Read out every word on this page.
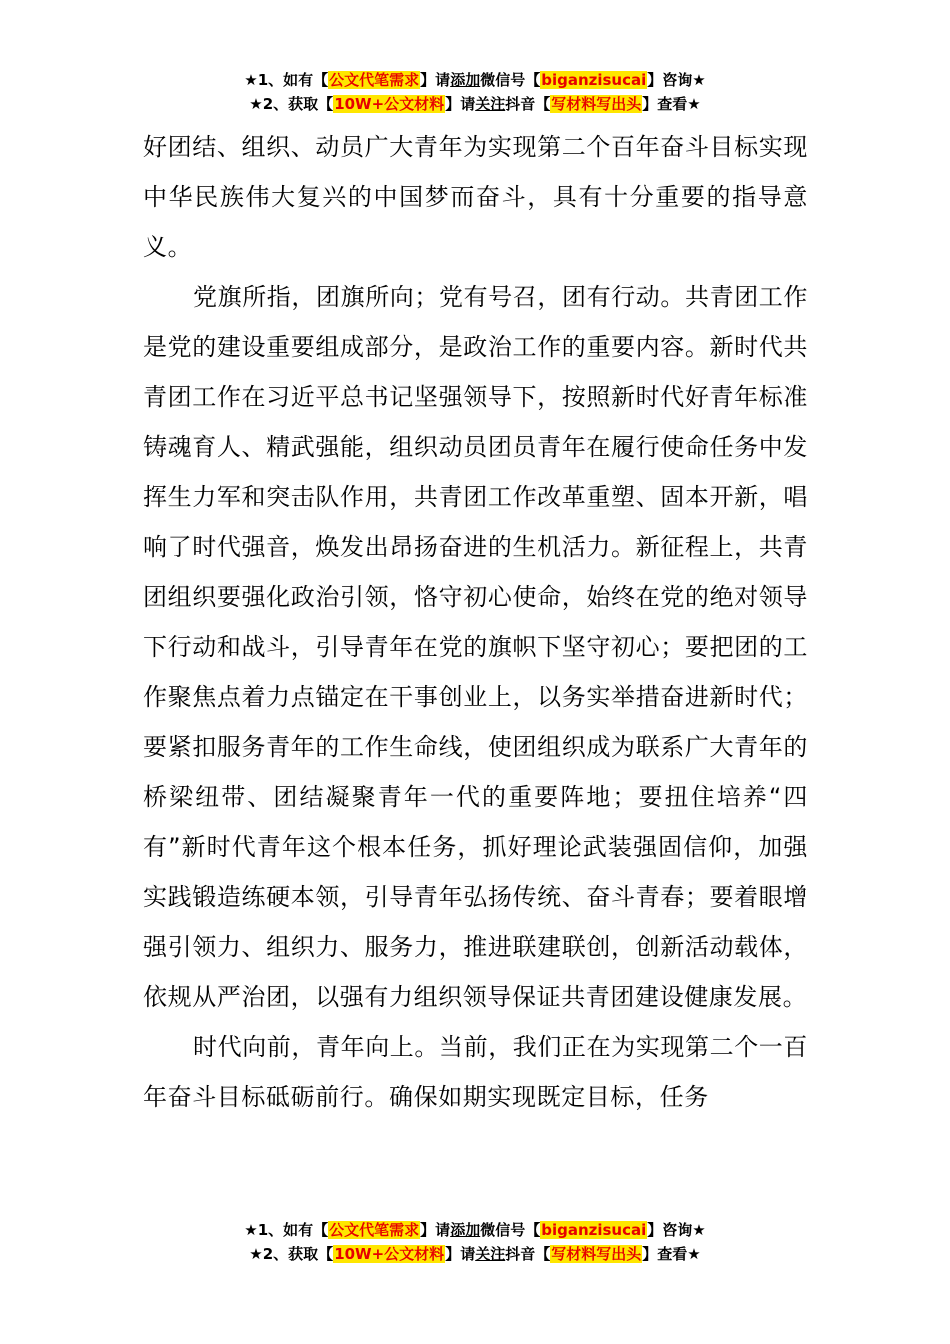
★1、如有【公文代笔需求】请添加微信号【biganzisucai】咨询★
★2、获取【10W+公文材料】请关注抖音【写材料写出头】查看★

好团结、组织、动员广大青年为实现第二个百年奋斗目标实现中华民族伟大复兴的中国梦而奋斗，具有十分重要的指导意义。

党旗所指，团旗所向；党有号召，团有行动。共青团工作是党的建设重要组成部分，是政治工作的重要内容。新时代共青团工作在习近平总书记坚强领导下，按照新时代好青年标准铸魂育人、精武强能，组织动员团员青年在履行使命任务中发挥生力军和突击队作用，共青团工作改革重塑、固本开新，唱响了时代强音，焕发出昂扬奋进的生机活力。新征程上，共青团组织要强化政治引领，恪守初心使命，始终在党的绝对领导下行动和战斗，引导青年在党的旗帜下坚守初心；要把团的工作聚焦点着力点锚定在干事创业上，以务实举措奋进新时代；要紧扣服务青年的工作生命线，使团组织成为联系广大青年的桥梁纽带、团结凝聚青年一代的重要阵地；要扭住培养“四有”新时代青年这个根本任务，抓好理论武装强固信仰，加强实践锻造练硬本领，引导青年弘扬传统、奋斗青春；要着眼增强引领力、组织力、服务力，推进联建联创，创新活动载体，依规从严治团，以强有力组织领导保证共青团建设健康发展。

时代向前，青年向上。当前，我们正在为实现第二个一百年奋斗目标砥砺前行。确保如期实现既定目标，任务

★1、如有【公文代笔需求】请添加微信号【biganzisucai】咨询★
★2、获取【10W+公文材料】请关注抖音【写材料写出头】查看★
